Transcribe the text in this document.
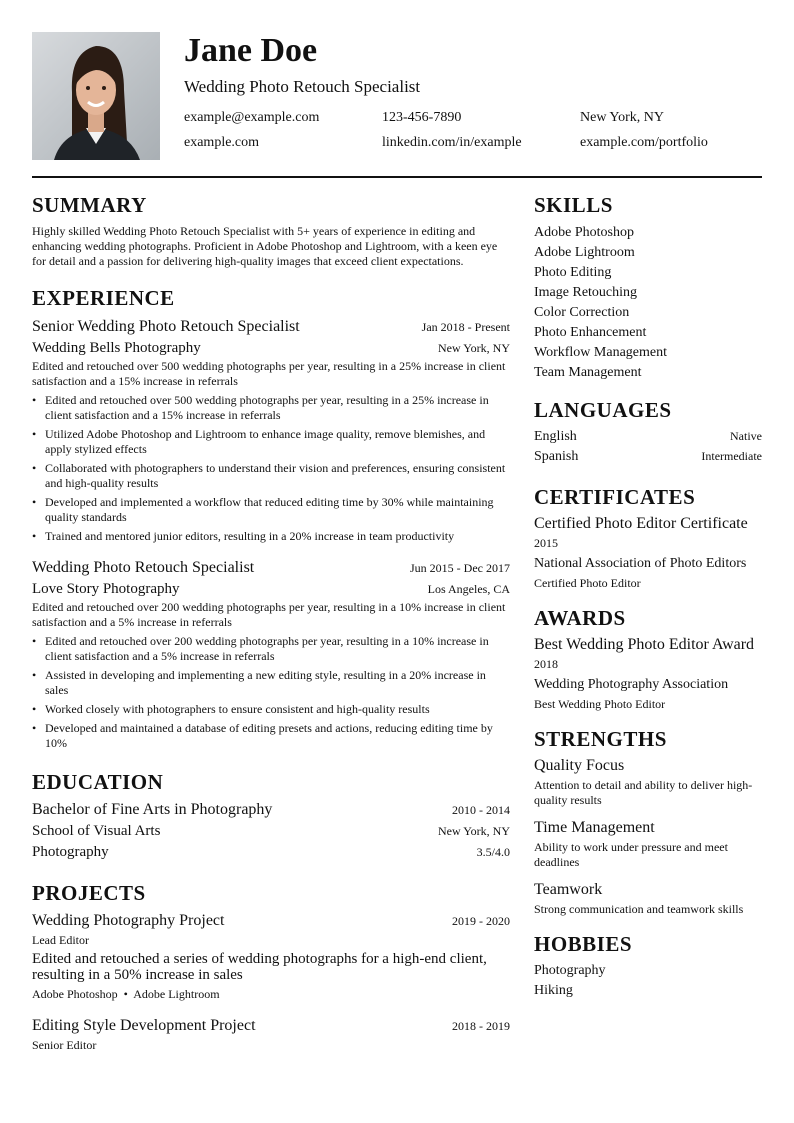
Jane Doe
Wedding Photo Retouch Specialist
example@example.com	123-456-7890	New York, NY
example.com	linkedin.com/in/example	example.com/portfolio
SUMMARY
Highly skilled Wedding Photo Retouch Specialist with 5+ years of experience in editing and enhancing wedding photographs. Proficient in Adobe Photoshop and Lightroom, with a keen eye for detail and a passion for delivering high-quality images that exceed client expectations.
EXPERIENCE
Senior Wedding Photo Retouch Specialist	Jan 2018 - Present
Wedding Bells Photography	New York, NY
Edited and retouched over 500 wedding photographs per year, resulting in a 25% increase in client satisfaction and a 15% increase in referrals
• Edited and retouched over 500 wedding photographs per year, resulting in a 25% increase in client satisfaction and a 15% increase in referrals
• Utilized Adobe Photoshop and Lightroom to enhance image quality, remove blemishes, and apply stylized effects
• Collaborated with photographers to understand their vision and preferences, ensuring consistent and high-quality results
• Developed and implemented a workflow that reduced editing time by 30% while maintaining quality standards
• Trained and mentored junior editors, resulting in a 20% increase in team productivity
Wedding Photo Retouch Specialist	Jun 2015 - Dec 2017
Love Story Photography	Los Angeles, CA
Edited and retouched over 200 wedding photographs per year, resulting in a 10% increase in client satisfaction and a 5% increase in referrals
• Edited and retouched over 200 wedding photographs per year, resulting in a 10% increase in client satisfaction and a 5% increase in referrals
• Assisted in developing and implementing a new editing style, resulting in a 20% increase in sales
• Worked closely with photographers to ensure consistent and high-quality results
• Developed and maintained a database of editing presets and actions, reducing editing time by 10%
EDUCATION
Bachelor of Fine Arts in Photography	2010 - 2014
School of Visual Arts	New York, NY
Photography	3.5/4.0
PROJECTS
Wedding Photography Project	2019 - 2020
Lead Editor
Edited and retouched a series of wedding photographs for a high-end client, resulting in a 50% increase in sales
Adobe Photoshop  •  Adobe Lightroom
Editing Style Development Project	2018 - 2019
Senior Editor
SKILLS
Adobe Photoshop
Adobe Lightroom
Photo Editing
Image Retouching
Color Correction
Photo Enhancement
Workflow Management
Team Management
LANGUAGES
English	Native
Spanish	Intermediate
CERTIFICATES
Certified Photo Editor Certificate
2015
National Association of Photo Editors
Certified Photo Editor
AWARDS
Best Wedding Photo Editor Award
2018
Wedding Photography Association
Best Wedding Photo Editor
STRENGTHS
Quality Focus
Attention to detail and ability to deliver high-quality results
Time Management
Ability to work under pressure and meet deadlines
Teamwork
Strong communication and teamwork skills
HOBBIES
Photography
Hiking
